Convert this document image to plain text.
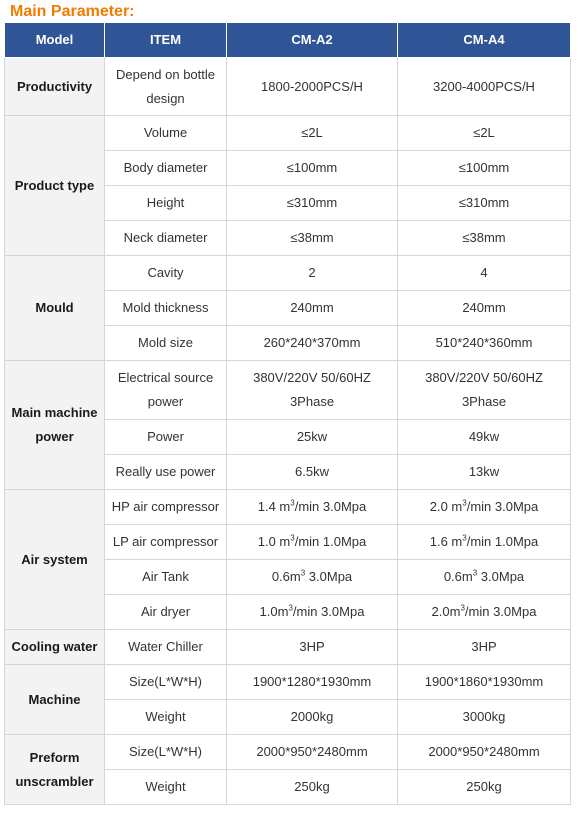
Main Parameter:
Model	ITEM	CM-A2	CM-A4
Productivity	Depend on bottle design	1800-2000PCS/H	3200-4000PCS/H
Product type	Volume	≤2L	≤2L
	Body diameter	≤100mm	≤100mm
	Height	≤310mm	≤310mm
	Neck diameter	≤38mm	≤38mm
Mould	Cavity	2	4
	Mold thickness	240mm	240mm
	Mold size	260*240*370mm	510*240*360mm
Main machine power	Electrical source power	380V/220V 50/60HZ 3Phase	380V/220V 50/60HZ 3Phase
	Power	25kw	49kw
	Really use power	6.5kw	13kw
Air system	HP air compressor	1.4 $m^3/\min$ 3.0Mpa	2.0 $m^3/\min$ 3.0Mpa
	LP air compressor	1.0 $m^3/\min$ 1.0Mpa	1.6 $m^3/\min$ 1.0Mpa
	Air Tank	$0.6m^3$ 3.0Mpa	$0.6m^3$ 3.0Mpa
	Air dryer	$1.0m^3/\min$ 3.0Mpa	$2.0m^3/\min$ 3.0Mpa
Cooling water	Water Chiller	3HP	3HP
Machine	Size(L*W*H)	1900*1280*1930mm	1900*1860*1930mm
	Weight	2000kg	3000kg
Preform unscrambler	Size(L*W*H)	2000*950*2480mm	2000*950*2480mm
	Weight	250kg	250kg
